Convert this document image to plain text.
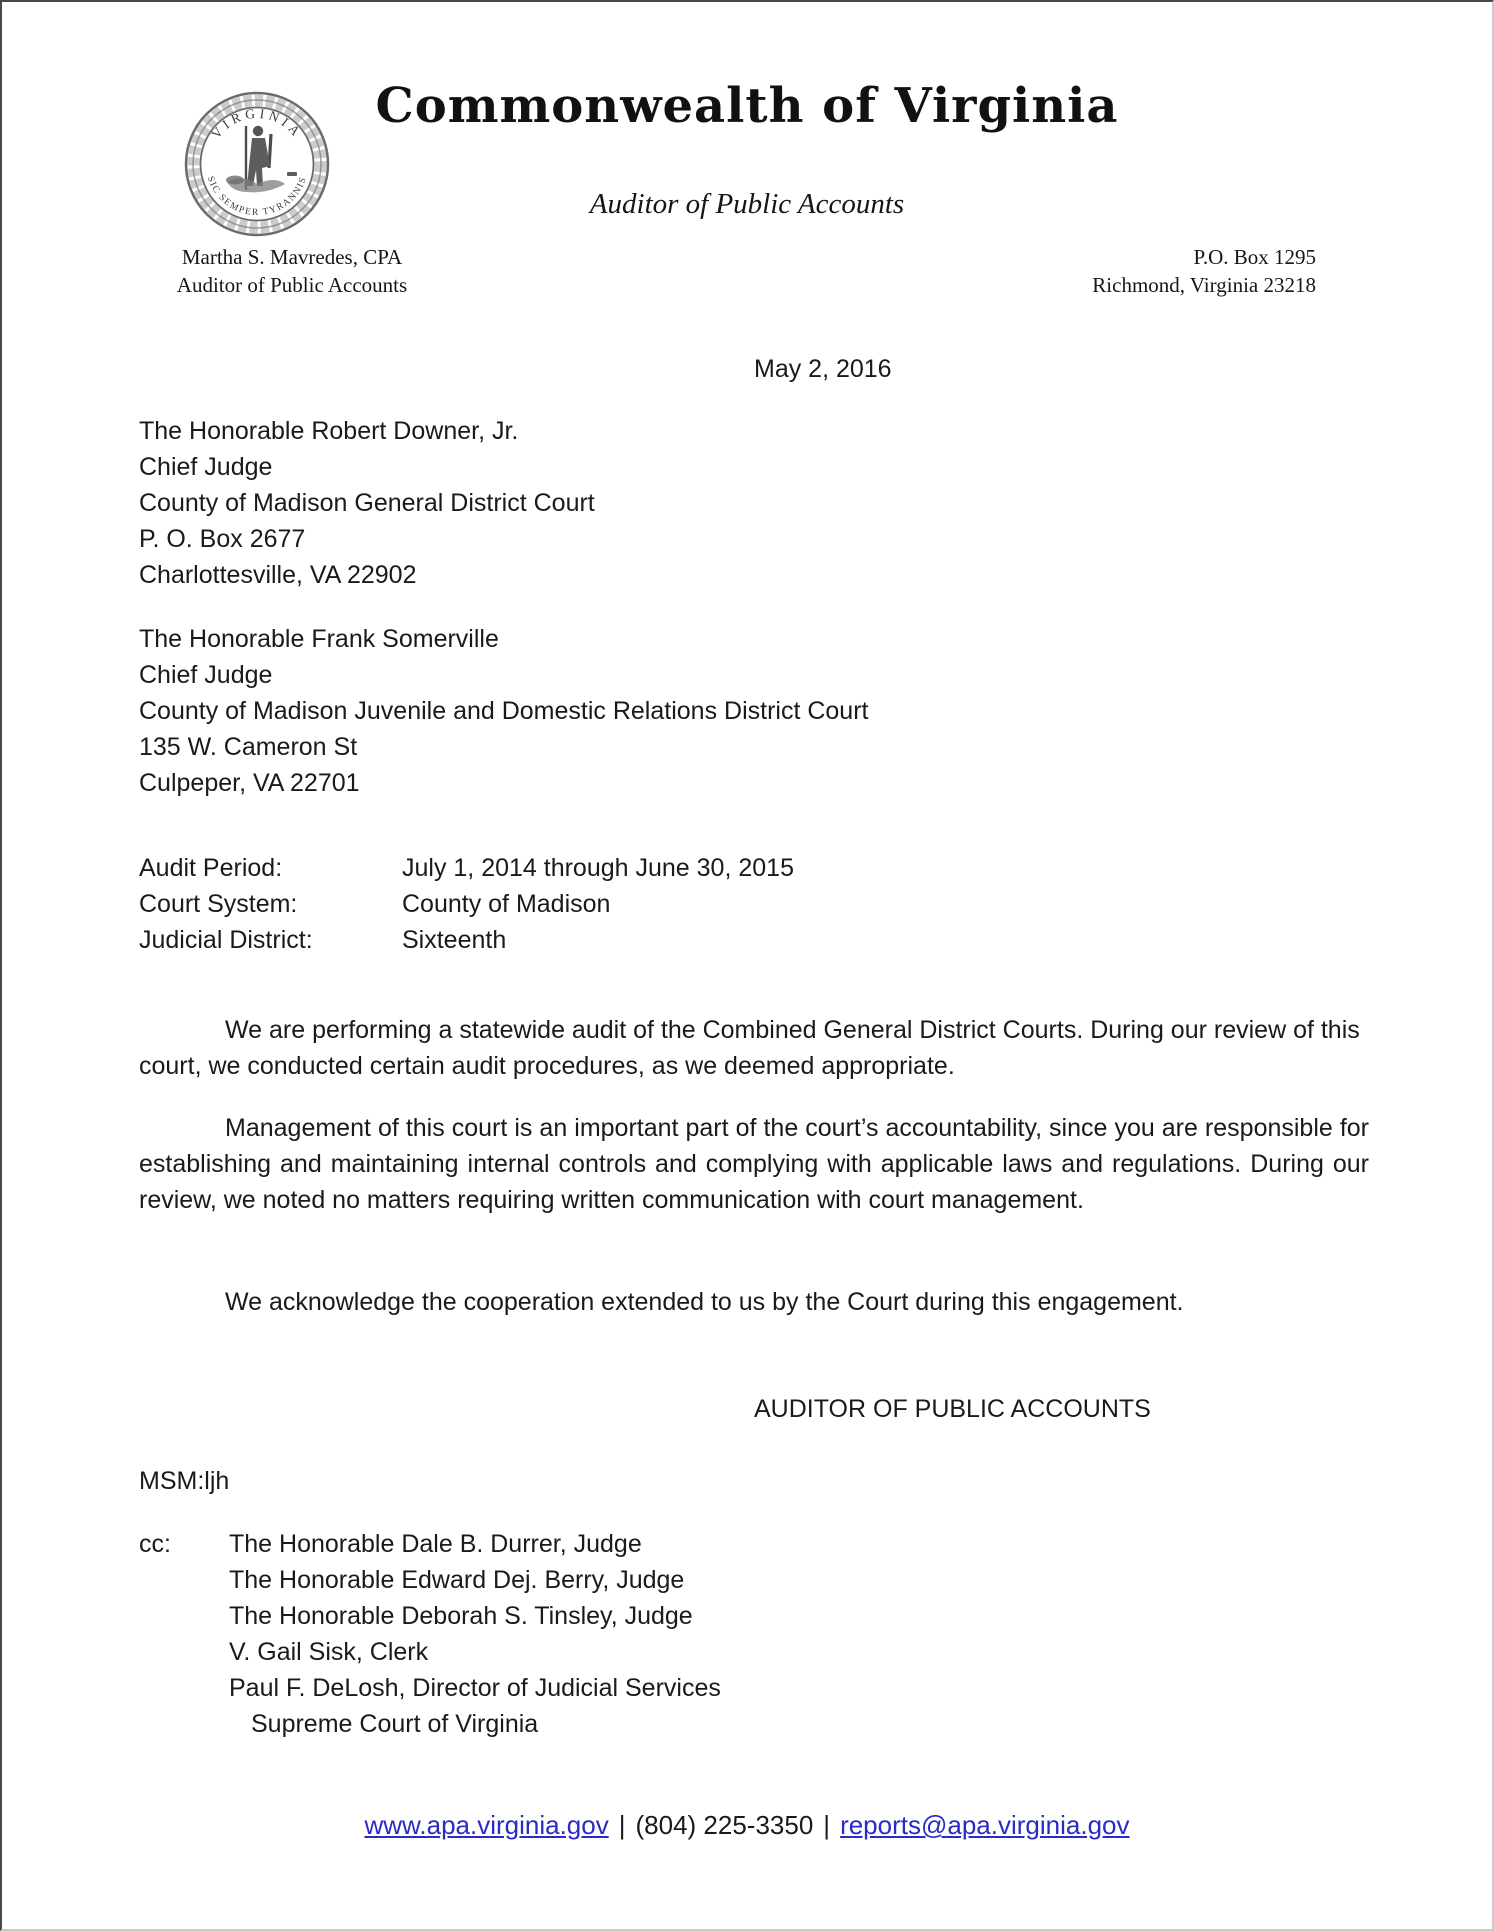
VIRGINIA
SIC SEMPER TYRANNIS
Commonwealth of Virginia
Auditor of Public Accounts
Martha S. Mavredes, CPA
Auditor of Public Accounts
P.O. Box 1295
Richmond, Virginia 23218
May 2, 2016
The Honorable Robert Downer, Jr.
Chief Judge
County of Madison General District Court
P. O. Box 2677
Charlottesville, VA 22902
The Honorable Frank Somerville
Chief Judge
County of Madison Juvenile and Domestic Relations District Court
135 W. Cameron St
Culpeper, VA 22701
Audit Period:	July 1, 2014 through June 30, 2015
Court System:	County of Madison
Judicial District:	Sixteenth

We are performing a statewide audit of the Combined General District Courts. During our review of this court, we conducted certain audit procedures, as we deemed appropriate.

Management of this court is an important part of the court’s accountability, since you are responsible for establishing and maintaining internal controls and complying with applicable laws and regulations. During our review, we noted no matters requiring written communication with court management.

We acknowledge the cooperation extended to us by the Court during this engagement.

AUDITOR OF PUBLIC ACCOUNTS
MSM:ljh
cc:	The Honorable Dale B. Durrer, Judge
The Honorable Edward Dej. Berry, Judge
The Honorable Deborah S. Tinsley, Judge
V. Gail Sisk, Clerk
Paul F. DeLosh, Director of Judicial Services
Supreme Court of Virginia
www.apa.virginia.gov | (804) 225-3350 | reports@apa.virginia.gov
